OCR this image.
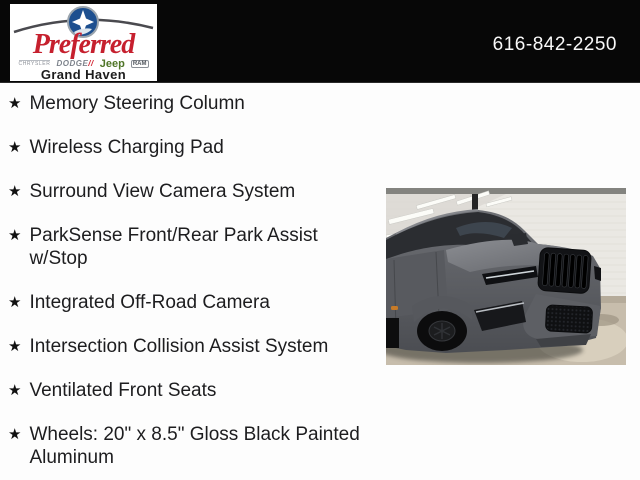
616-842-2250
Preferred
CHRYSLER DODGE// Jeep	RAM
Grand Haven
★ Memory Steering Column
★ Wireless Charging Pad
★ Surround View Camera System
★ ParkSense Front/Rear Park Assist w/Stop
★ Integrated Off-Road Camera
★ Intersection Collision Assist System
★ Ventilated Front Seats
★ Wheels: 20" x 8.5" Gloss Black Painted Aluminum
